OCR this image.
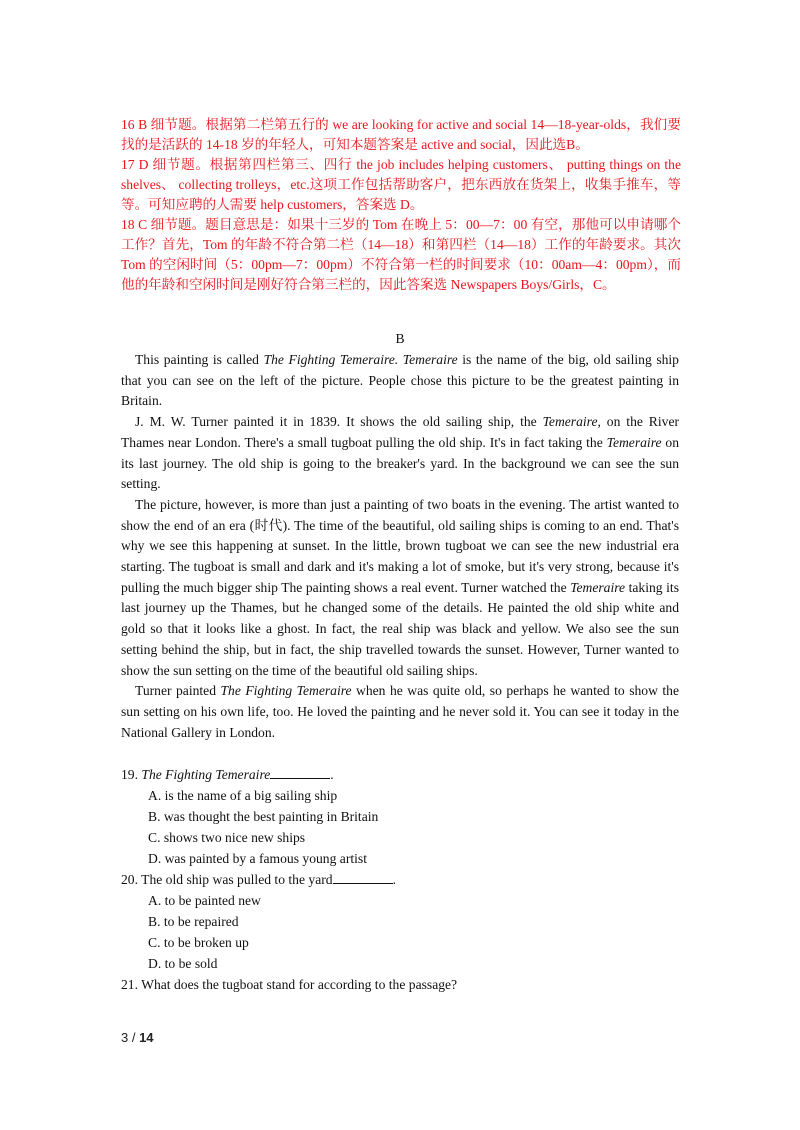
16 B 细节题。根据第二栏第五行的 we are looking for active and social 14—18-year-olds，我们要找的是活跃的 14-18 岁的年轻人，可知本题答案是 active and social，因此选B。

17 D 细节题。根据第四栏第三、四行 the job includes helping customers、 putting things on the shelves、 collecting trolleys，etc.这项工作包括帮助客户，把东西放在货架上，收集手推车，等等。可知应聘的人需要 help customers，答案选 D。

18 C 细节题。题目意思是：如果十三岁的 Tom 在晚上 5：00—7：00 有空，那他可以申请哪个工作？首先，Tom 的年龄不符合第二栏（14—18）和第四栏（14—18）工作的年龄要求。其次 Tom 的空闲时间（5：00pm—7：00pm）不符合第一栏的时间要求（10：00am—4：00pm），而他的年龄和空闲时间是刚好符合第三栏的，因此答案选 Newspapers Boys/Girls，C。

B

This painting is called The Fighting Temeraire. Temeraire is the name of the big, old sailing ship that you can see on the left of the picture. People chose this picture to be the greatest painting in Britain.

J. M. W. Turner painted it in 1839. It shows the old sailing ship, the Temeraire, on the River Thames near London. There's a small tugboat pulling the old ship. It's in fact taking the Temeraire on its last journey. The old ship is going to the breaker's yard. In the background we can see the sun setting.

The picture, however, is more than just a painting of two boats in the evening. The artist wanted to show the end of an era (时代). The time of the beautiful, old sailing ships is coming to an end. That's why we see this happening at sunset. In the little, brown tugboat we can see the new industrial era starting. The tugboat is small and dark and it's making a lot of smoke, but it's very strong, because it's pulling the much bigger ship The painting shows a real event. Turner watched the Temeraire taking its last journey up the Thames, but he changed some of the details. He painted the old ship white and gold so that it looks like a ghost. In fact, the real ship was black and yellow. We also see the sun setting behind the ship, but in fact, the ship travelled towards the sunset. However, Turner wanted to show the sun setting on the time of the beautiful old sailing ships.

Turner painted The Fighting Temeraire when he was quite old, so perhaps he wanted to show the sun setting on his own life, too. He loved the painting and he never sold it. You can see it today in the National Gallery in London.

19. The Fighting Temeraire	.

A. is the name of a big sailing ship

B. was thought the best painting in Britain

C. shows two nice new ships

D. was painted by a famous young artist

20. The old ship was pulled to the yard	.

A. to be painted new

B. to be repaired

C. to be broken up

D. to be sold

21. What does the tugboat stand for according to the passage?

3 / 14
